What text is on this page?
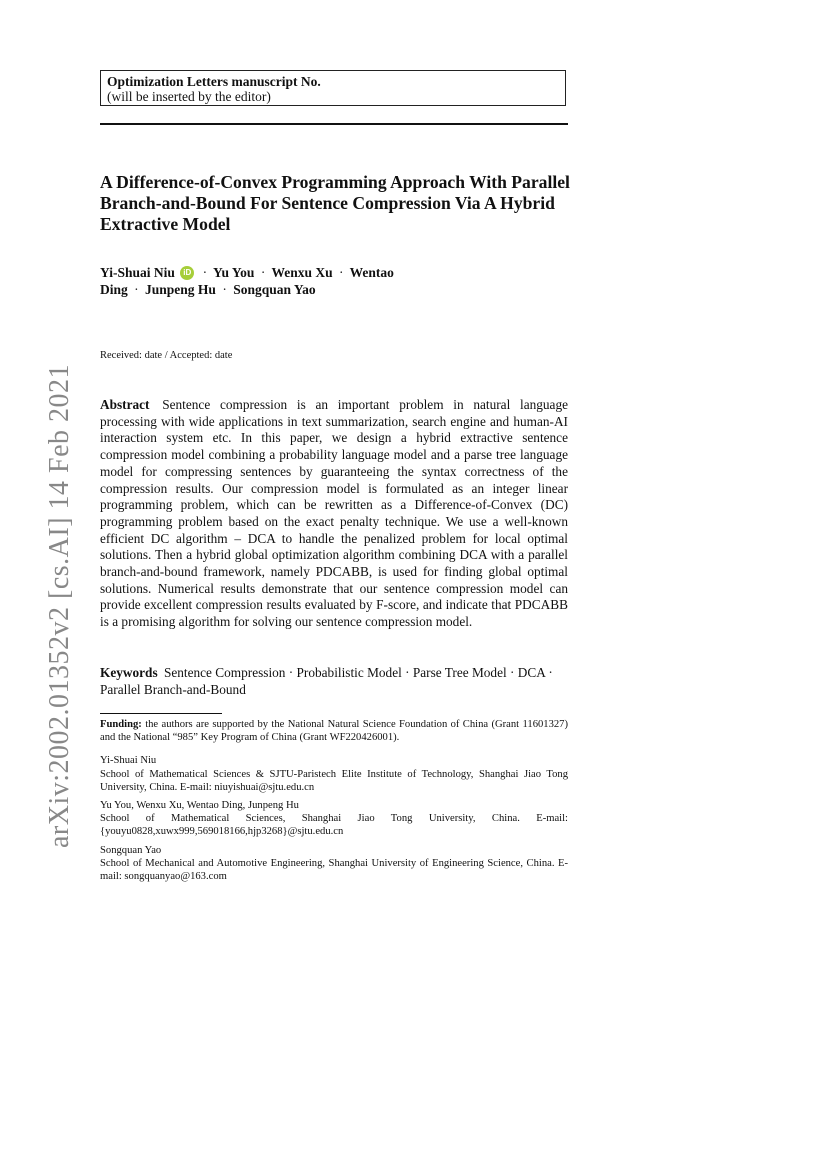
Optimization Letters manuscript No.
(will be inserted by the editor)
A Difference-of-Convex Programming Approach With Parallel Branch-and-Bound For Sentence Compression Via A Hybrid Extractive Model
Yi-Shuai Niu iD · Yu You · Wenxu Xu · Wentao Ding · Junpeng Hu · Songquan Yao
Received: date / Accepted: date
Abstract Sentence compression is an important problem in natural language processing with wide applications in text summarization, search engine and human-AI interaction system etc. In this paper, we design a hybrid extractive sentence compression model combining a probability language model and a parse tree language model for compressing sentences by guaranteeing the syntax correctness of the compression results. Our compression model is formulated as an integer linear programming problem, which can be rewritten as a Difference-of-Convex (DC) programming problem based on the exact penalty technique. We use a well-known efficient DC algorithm – DCA to handle the penalized problem for local optimal solutions. Then a hybrid global optimization algorithm combining DCA with a parallel branch-and-bound framework, namely PDCABB, is used for finding global optimal solutions. Numerical results demonstrate that our sentence compression model can provide excellent compression results evaluated by F-score, and indicate that PDCABB is a promising algorithm for solving our sentence compression model.
Keywords Sentence Compression · Probabilistic Model · Parse Tree Model · DCA · Parallel Branch-and-Bound

Funding: the authors are supported by the National Natural Science Foundation of China (Grant 11601327) and the National “985” Key Program of China (Grant WF220426001).

Yi-Shuai Niu
School of Mathematical Sciences & SJTU-Paristech Elite Institute of Technology, Shanghai Jiao Tong University, China. E-mail: niuyishuai@sjtu.edu.cn

Yu You, Wenxu Xu, Wentao Ding, Junpeng Hu
School of Mathematical Sciences, Shanghai Jiao Tong University, China. E-mail: {youyu0828,xuwx999,569018166,hjp3268}@sjtu.edu.cn

Songquan Yao
School of Mechanical and Automotive Engineering, Shanghai University of Engineering Science, China. E-mail: songquanyao@163.com

arXiv:2002.01352v2 [cs.AI] 14 Feb 2021
